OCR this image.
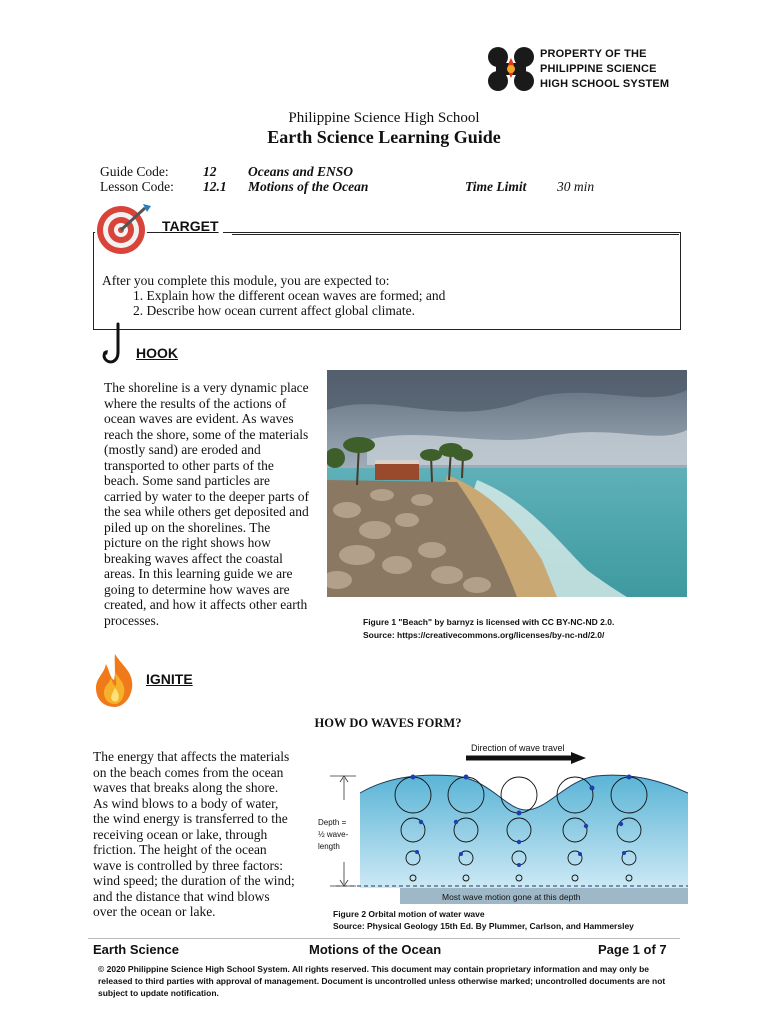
PROPERTY OF THE
PHILIPPINE SCIENCE
HIGH SCHOOL SYSTEM
Philippine Science High School
Earth Science Learning Guide
Guide Code:	12 Oceans and ENSO
Lesson Code: 12.1 Motions of the Ocean	Time Limit 30 min
TARGET
After you complete this module, you are expected to:
1. Explain how the different ocean waves are formed; and
2. Describe how ocean current affect global climate.
HOOK
The shoreline is a very dynamic place
where the results of the actions of
ocean waves are evident. As waves
reach the shore, some of the materials
(mostly sand) are eroded and
transported to other parts of the
beach. Some sand particles are
carried by water to the deeper parts of
the sea while others get deposited and
piled up on the shorelines. The
picture on the right shows how
breaking waves affect the coastal
areas. In this learning guide we are
going to determine how waves are
created, and how it affects other earth
processes.	Figure 1 "Beach" by barnyz is licensed with CC BY-NC-ND 2.0.
Source: https://creativecommons.org/licenses/by-nc-nd/2.0/
IGNITE
HOW DO WAVES FORM?
The energy that affects the materials
on the beach comes from the ocean
waves that breaks along the shore.
As wind blows to a body of water,
the wind energy is transferred to the
receiving ocean or lake, through
friction. The height of the ocean
wave is controlled by three factors:
wind speed; the duration of the wind;
and the distance that wind blows
over the ocean or lake.
Direction of wave travel
Depth =
½ wave-
length
Most wave motion gone at this depth
Figure 2 Orbital motion of water wave
Source: Physical Geology 15th Ed. By Plummer, Carlson, and Hammersley
Earth Science	Motions of the Ocean	Page 1 of 7
© 2020 Philippine Science High School System. All rights reserved. This document may contain proprietary information and may only be released to third parties with approval of management. Document is uncontrolled unless otherwise marked; uncontrolled documents are not subject to update notification.
